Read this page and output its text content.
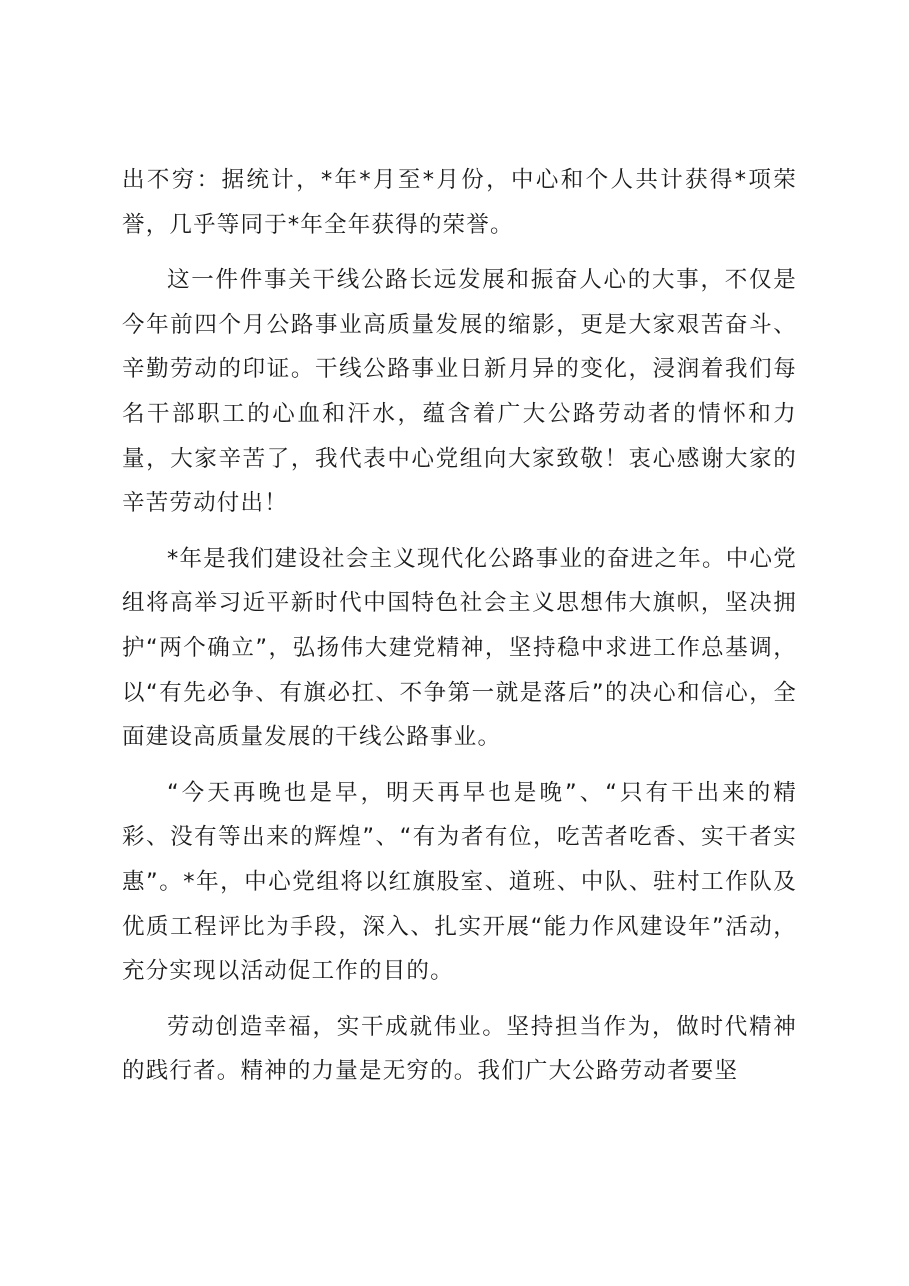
出不穷：据统计，*年*月至*月份，中心和个人共计获得*项荣誉，几乎等同于*年全年获得的荣誉。

这一件件事关干线公路长远发展和振奋人心的大事，不仅是今年前四个月公路事业高质量发展的缩影，更是大家艰苦奋斗、辛勤劳动的印证。干线公路事业日新月异的变化，浸润着我们每名干部职工的心血和汗水，蕴含着广大公路劳动者的情怀和力量，大家辛苦了，我代表中心党组向大家致敬！衷心感谢大家的辛苦劳动付出！

*年是我们建设社会主义现代化公路事业的奋进之年。中心党组将高举习近平新时代中国特色社会主义思想伟大旗帜，坚决拥护“两个确立”，弘扬伟大建党精神，坚持稳中求进工作总基调，以“有先必争、有旗必扛、不争第一就是落后”的决心和信心，全面建设高质量发展的干线公路事业。

“今天再晚也是早，明天再早也是晚”、“只有干出来的精彩、没有等出来的辉煌”、“有为者有位，吃苦者吃香、实干者实惠”。*年，中心党组将以红旗股室、道班、中队、驻村工作队及优质工程评比为手段，深入、扎实开展“能力作风建设年”活动，充分实现以活动促工作的目的。

劳动创造幸福，实干成就伟业。坚持担当作为，做时代精神的践行者。精神的力量是无穷的。我们广大公路劳动者要坚
